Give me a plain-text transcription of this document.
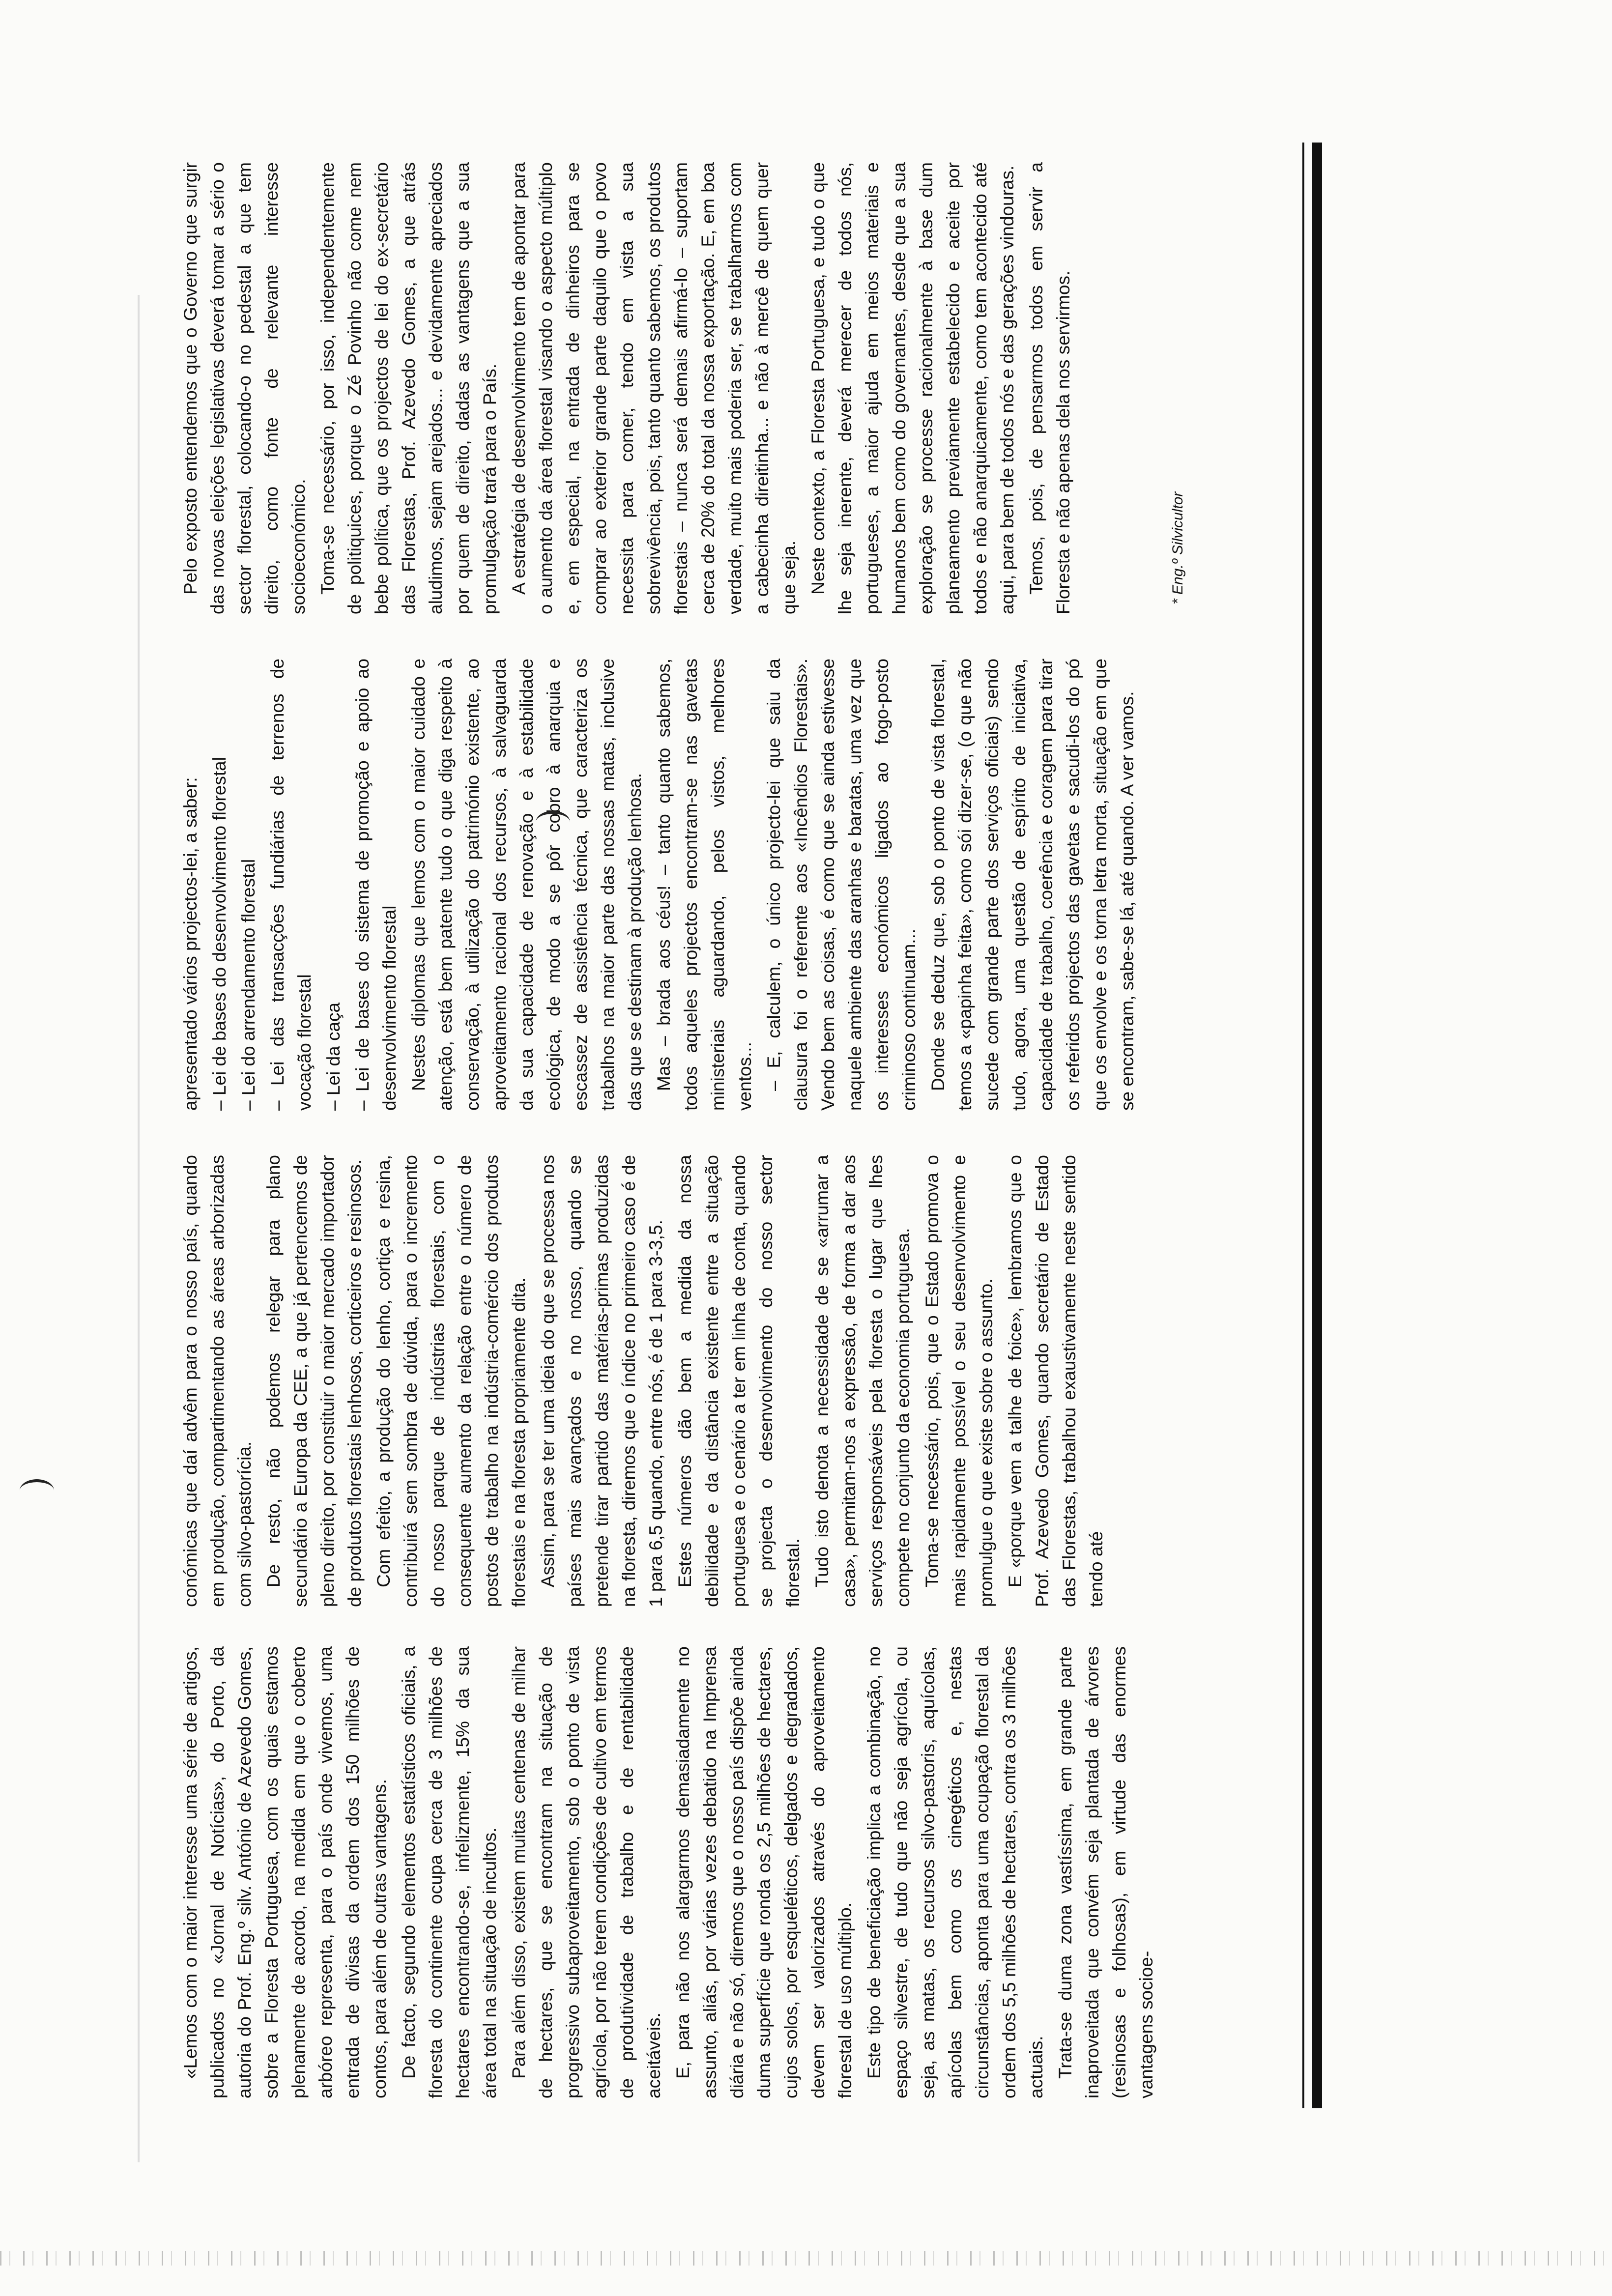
«Lemos com o maior interesse uma série de artigos, publicados no «Jornal de Notícias», do Porto, da autoria do Prof. Eng.º silv. António de Azevedo Gomes, sobre a Floresta Portuguesa, com os quais estamos plenamente de acordo, na medida em que o coberto arbóreo representa, para o país onde vivemos, uma entrada de divisas da ordem dos 150 milhões de contos, para além de outras vantagens. De facto, segundo elementos estatísticos oficiais, a floresta do continente ocupa cerca de 3 milhões de hectares encontrando-se, infelizmente, 15% da sua área total na situação de incultos. Para além disso, existem muitas centenas de milhar de hectares, que se encontram na situação de progressivo subaproveitamento, sob o ponto de vista agrícola, por não terem condições de cultivo em termos de produtividade de trabalho e de rentabilidade aceitáveis. E, para não nos alargarmos demasiadamente no assunto, aliás, por várias vezes debatido na Imprensa diária e não só, diremos que o nosso país dispõe ainda duma superfície que ronda os 2,5 milhões de hectares, cujos solos, por esqueléticos, delgados e degradados, devem ser valorizados através do aproveitamento florestal de uso múltiplo. Este tipo de beneficiação implica a combinação, no espaço silvestre, de tudo que não seja agrícola, ou seja, as matas, os recursos silvo-pastoris, aquícolas, apícolas bem como os cinegéticos e, nestas circunstâncias, aponta para uma ocupação florestal da ordem dos 5,5 milhões de hectares, contra os 3 milhões actuais. Trata-se duma zona vastíssima, em grande parte inaproveitada que convém seja plantada de árvores (resinosas e folhosas), em virtude das enormes vantagens socioe-

conómicas que daí advêm para o nosso país, quando em produção, compartimentando as áreas arborizadas com silvo-pastorícia. De resto, não podemos relegar para plano secundário a Europa da CEE, a que já pertencemos de pleno direito, por constituir o maior mercado importador de produtos florestais lenhosos, corticeiros e resinosos. Com efeito, a produção do lenho, cortiça e resina, contribuirá sem sombra de dúvida, para o incremento do nosso parque de indústrias florestais, com o consequente aumento da relação entre o número de postos de trabalho na indústria-comércio dos produtos florestais e na floresta propriamente dita. Assim, para se ter uma ideia do que se processa nos países mais avançados e no nosso, quando se pretende tirar partido das matérias-primas produzidas na floresta, diremos que o índice no primeiro caso é de 1 para 6,5 quando, entre nós, é de 1 para 3-3,5. Estes números dão bem a medida da nossa debilidade e da distância existente entre a situação portuguesa e o cenário a ter em linha de conta, quando se projecta o desenvolvimento do nosso sector florestal. Tudo isto denota a necessidade de se «arrumar a casa», permitam-nos a expressão, de forma a dar aos serviços responsáveis pela floresta o lugar que lhes compete no conjunto da economia portuguesa. Toma-se necessário, pois, que o Estado promova o mais rapidamente possível o seu desenvolvimento e promulgue o que existe sobre o assunto. E «porque vem a talhe de foice», lembramos que o Prof. Azevedo Gomes, quando secretário de Estado das Florestas, trabalhou exaustivamente neste sentido tendo até

apresentado vários projectos-lei, a saber: – Lei de bases do desenvolvimento florestal – Lei do arrendamento florestal – Lei das transacções fundiárias de terrenos de vocação florestal – Lei da caça – Lei de bases do sistema de promoção e apoio ao desenvolvimento florestal Nestes diplomas que lemos com o maior cuidado e atenção, está bem patente tudo o que diga respeito à conservação, à utilização do património existente, ao aproveitamento racional dos recursos, à salvaguarda da sua capacidade de renovação e à estabilidade ecológica, de modo a se pôr cobro à anarquia e escassez de assistência técnica, que caracteriza os trabalhos na maior parte das nossas matas, inclusive das que se destinam à produção lenhosa. Mas – brada aos céus! – tanto quanto sabemos, todos aqueles projectos encontram-se nas gavetas ministeriais aguardando, pelos vistos, melhores ventos... – E, calculem, o único projecto-lei que saiu da clausura foi o referente aos «Incêndios Florestais». Vendo bem as coisas, é como que se ainda estivesse naquele ambiente das aranhas e baratas, uma vez que os interesses económicos ligados ao fogo-posto criminoso continuam... Donde se deduz que, sob o ponto de vista florestal, temos a «papinha feita», como sói dizer-se, (o que não sucede com grande parte dos serviços oficiais) sendo tudo, agora, uma questão de espírito de iniciativa, capacidade de trabalho, coerência e coragem para tirar os referidos projectos das gavetas e sacudi-los do pó que os envolve e os torna letra morta, situação em que se encontram, sabe-se lá, até quando. A ver vamos.

Pelo exposto entendemos que o Governo que surgir das novas eleições legislativas deverá tomar a sério o sector florestal, colocando-o no pedestal a que tem direito, como fonte de relevante interesse socioeconómico. Toma-se necessário, por isso, independentemente de politiquices, porque o Zé Povinho não come nem bebe política, que os projectos de lei do ex-secretário das Florestas, Prof. Azevedo Gomes, a que atrás aludimos, sejam arejados... e devidamente apreciados por quem de direito, dadas as vantagens que a sua promulgação trará para o País. A estratégia de desenvolvimento tem de apontar para o aumento da área florestal visando o aspecto múltiplo e, em especial, na entrada de dinheiros para se comprar ao exterior grande parte daquilo que o povo necessita para comer, tendo em vista a sua sobrevivência, pois, tanto quanto sabemos, os produtos florestais – nunca será demais afirmá-lo – suportam cerca de 20% do total da nossa exportação. E, em boa verdade, muito mais poderia ser, se trabalharmos com a cabecinha direitinha... e não à mercê de quem quer que seja. Neste contexto, a Floresta Portuguesa, e tudo o que lhe seja inerente, deverá merecer de todos nós, portugueses, a maior ajuda em meios materiais e humanos bem como do governantes, desde que a sua exploração se processe racionalmente à base dum planeamento previamente estabelecido e aceite por todos e não anarquicamente, como tem acontecido até aqui, para bem de todos nós e das gerações vindouras. Temos, pois, de pensarmos todos em servir a Floresta e não apenas dela nos servirmos.	* Eng.º Silvicultor
